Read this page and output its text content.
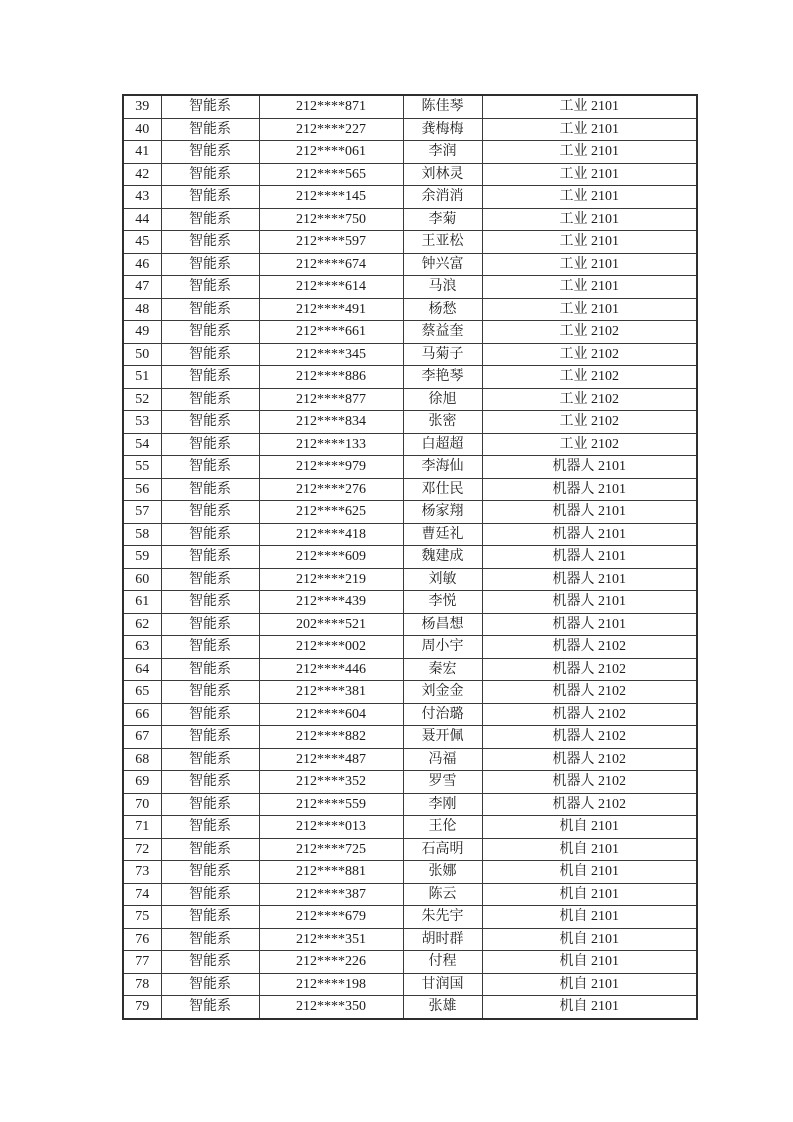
39	智能系	212****871	陈佳琴	工业 2101
40	智能系	212****227	龚梅梅	工业 2101
41	智能系	212****061	李润	工业 2101
42	智能系	212****565	刘林灵	工业 2101
43	智能系	212****145	余消消	工业 2101
44	智能系	212****750	李菊	工业 2101
45	智能系	212****597	王亚松	工业 2101
46	智能系	212****674	钟兴富	工业 2101
47	智能系	212****614	马浪	工业 2101
48	智能系	212****491	杨愁	工业 2101
49	智能系	212****661	蔡益奎	工业 2102
50	智能系	212****345	马菊子	工业 2102
51	智能系	212****886	李艳琴	工业 2102
52	智能系	212****877	徐旭	工业 2102
53	智能系	212****834	张密	工业 2102
54	智能系	212****133	白超超	工业 2102
55	智能系	212****979	李海仙	机器人 2101
56	智能系	212****276	邓仕民	机器人 2101
57	智能系	212****625	杨家翔	机器人 2101
58	智能系	212****418	曹廷礼	机器人 2101
59	智能系	212****609	魏建成	机器人 2101
60	智能系	212****219	刘敏	机器人 2101
61	智能系	212****439	李悦	机器人 2101
62	智能系	202****521	杨昌想	机器人 2101
63	智能系	212****002	周小宇	机器人 2102
64	智能系	212****446	秦宏	机器人 2102
65	智能系	212****381	刘金金	机器人 2102
66	智能系	212****604	付治璐	机器人 2102
67	智能系	212****882	聂开佩	机器人 2102
68	智能系	212****487	冯福	机器人 2102
69	智能系	212****352	罗雪	机器人 2102
70	智能系	212****559	李刚	机器人 2102
71	智能系	212****013	王伦	机自 2101
72	智能系	212****725	石高明	机自 2101
73	智能系	212****881	张娜	机自 2101
74	智能系	212****387	陈云	机自 2101
75	智能系	212****679	朱先宇	机自 2101
76	智能系	212****351	胡时群	机自 2101
77	智能系	212****226	付程	机自 2101
78	智能系	212****198	甘润国	机自 2101
79	智能系	212****350	张雄	机自 2101
